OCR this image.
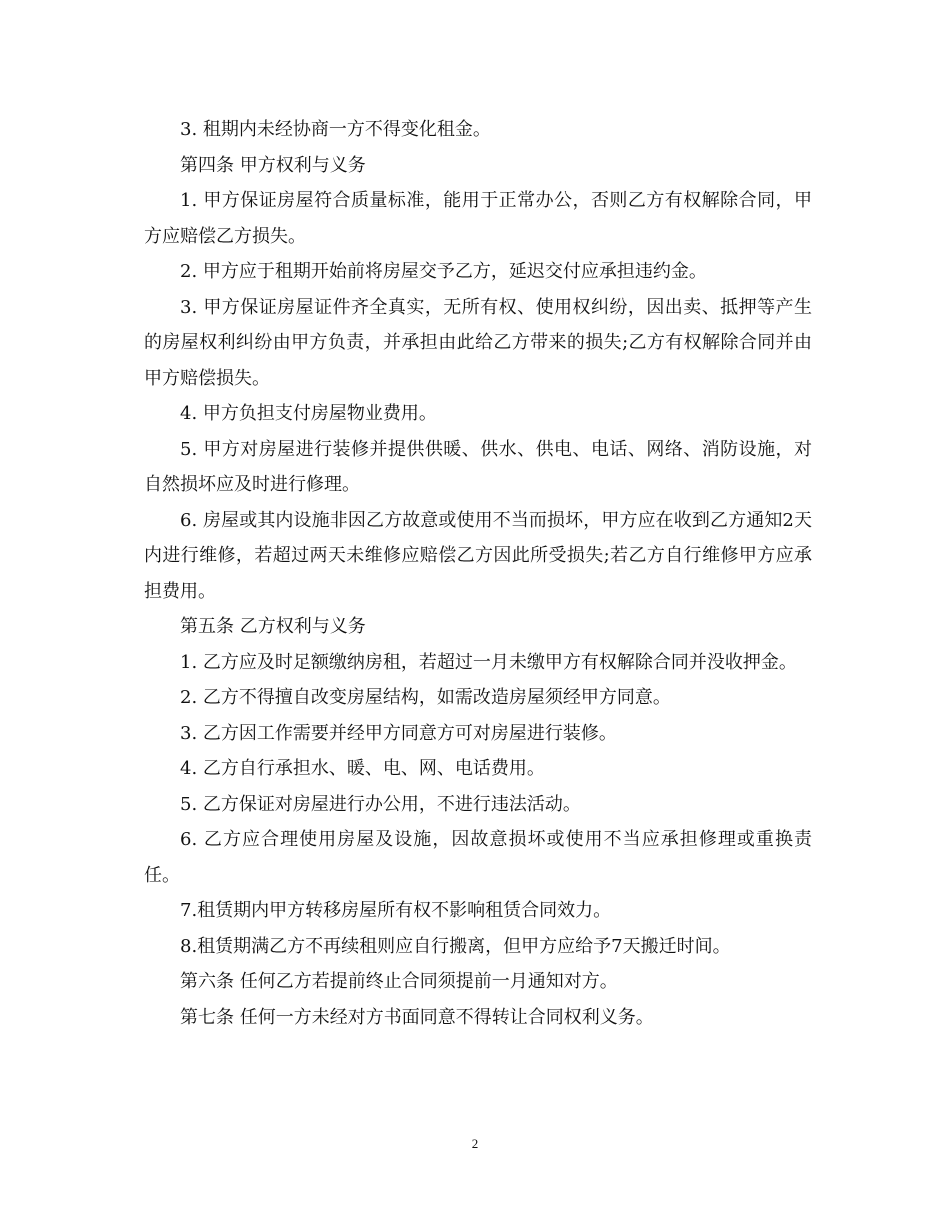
3. 租期内未经协商一方不得变化租金。

第四条 甲方权利与义务

1. 甲方保证房屋符合质量标准，能用于正常办公，否则乙方有权解除合同，甲方应赔偿乙方损失。

2. 甲方应于租期开始前将房屋交予乙方，延迟交付应承担违约金。

3. 甲方保证房屋证件齐全真实，无所有权、使用权纠纷，因出卖、抵押等产生的房屋权利纠纷由甲方负责，并承担由此给乙方带来的损失;乙方有权解除合同并由甲方赔偿损失。

4. 甲方负担支付房屋物业费用。

5. 甲方对房屋进行装修并提供供暖、供水、供电、电话、网络、消防设施，对自然损坏应及时进行修理。

6. 房屋或其内设施非因乙方故意或使用不当而损坏，甲方应在收到乙方通知2天内进行维修，若超过两天未维修应赔偿乙方因此所受损失;若乙方自行维修甲方应承担费用。

第五条 乙方权利与义务

1. 乙方应及时足额缴纳房租，若超过一月未缴甲方有权解除合同并没收押金。

2. 乙方不得擅自改变房屋结构，如需改造房屋须经甲方同意。

3. 乙方因工作需要并经甲方同意方可对房屋进行装修。

4. 乙方自行承担水、暖、电、网、电话费用。

5. 乙方保证对房屋进行办公用，不进行违法活动。

6. 乙方应合理使用房屋及设施，因故意损坏或使用不当应承担修理或重换责任。

7.租赁期内甲方转移房屋所有权不影响租赁合同效力。

8.租赁期满乙方不再续租则应自行搬离，但甲方应给予7天搬迁时间。

第六条 任何乙方若提前终止合同须提前一月通知对方。

第七条 任何一方未经对方书面同意不得转让合同权利义务。

2
